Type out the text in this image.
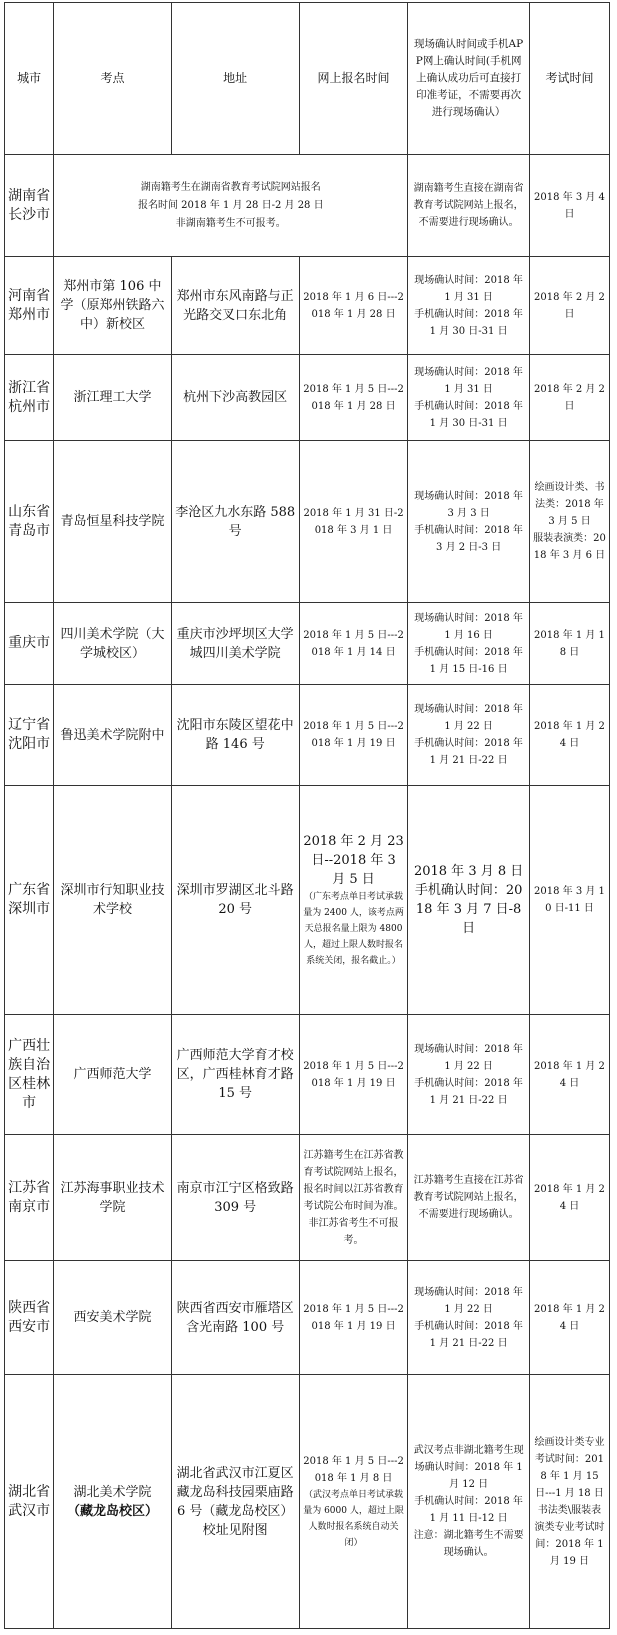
城市	考点	地址	网上报名时间	现场确认时间或手机APP网上确认时间(手机网上确认成功后可直接打印准考证，不需要再次进行现场确认）	考试时间
湖南省长沙市	湖南籍考生在湖南省教育考试院网站报名
报名时间 2018 年 1 月 28 日-2 月 28 日
非湖南籍考生不可报考。			湖南籍考生直接在湖南省教育考试院网站上报名，不需要进行现场确认。	2018 年 3 月 4 日
河南省郑州市	郑州市第 106 中学（原郑州铁路六中）新校区	郑州市东风南路与正光路交叉口东北角	2018 年 1 月 6 日---2018 年 1 月 28 日	现场确认时间：2018 年 1 月 31 日
手机确认时间：2018 年 1 月 30 日-31 日	2018 年 2 月 2 日
浙江省杭州市	浙江理工大学	杭州下沙高教园区	2018 年 1 月 5 日---2018 年 1 月 28 日	现场确认时间：2018 年 1 月 31 日
手机确认时间：2018 年 1 月 30 日-31 日	2018 年 2 月 2 日
山东省青岛市	青岛恒星科技学院	李沧区九水东路 588 号	2018 年 1 月 31 日-2018 年 3 月 1 日	现场确认时间：2018 年 3 月 3 日
手机确认时间：2018 年 3 月 2 日-3 日	绘画设计类、书法类：2018 年 3 月 5 日
服装表演类：2018 年 3 月 6 日
重庆市	四川美术学院（大学城校区）	重庆市沙坪坝区大学城四川美术学院	2018 年 1 月 5 日---2018 年 1 月 14 日	现场确认时间：2018 年 1 月 16 日
手机确认时间：2018 年 1 月 15 日-16 日	2018 年 1 月 18 日
辽宁省沈阳市	鲁迅美术学院附中	沈阳市东陵区望花中路 146 号	2018 年 1 月 5 日---2018 年 1 月 19 日	现场确认时间：2018 年 1 月 22 日
手机确认时间：2018 年 1 月 21 日-22 日	2018 年 1 月 24 日
广东省深圳市	深圳市行知职业技术学校	深圳市罗湖区北斗路 20 号	2018 年 2 月 23 日--2018 年 3 月 5 日
（广东考点单日考试承载量为 2400 人，该考点两天总报名量上限为 4800 人，超过上限人数时报名系统关闭，报名截止。）	2018 年 3 月 8 日
手机确认时间：2018 年 3 月 7 日-8 日	2018 年 3 月 10 日-11 日
广西壮族自治区桂林市	广西师范大学	广西师范大学育才校区，广西桂林育才路 15 号	2018 年 1 月 5 日---2018 年 1 月 19 日	现场确认时间：2018 年 1 月 22 日
手机确认时间：2018 年 1 月 21 日-22 日	2018 年 1 月 24 日
江苏省南京市	江苏海事职业技术学院	南京市江宁区格致路 309 号	江苏籍考生在江苏省教育考试院网站上报名，报名时间以江苏省教育考试院公布时间为准。非江苏省考生不可报考。	江苏籍考生直接在江苏省教育考试院网站上报名，不需要进行现场确认。	2018 年 1 月 24 日
陕西省西安市	西安美术学院	陕西省西安市雁塔区含光南路 100 号	2018 年 1 月 5 日---2018 年 1 月 19 日	现场确认时间：2018 年 1 月 22 日
手机确认时间：2018 年 1 月 21 日-22 日	2018 年 1 月 24 日
湖北省武汉市	湖北美术学院
（藏龙岛校区）	湖北省武汉市江夏区藏龙岛科技园栗庙路 6 号（藏龙岛校区）校址见附图	2018 年 1 月 5 日---2018 年 1 月 8 日
（武汉考点单日考试承载量为 6000 人，超过上限人数时报名系统自动关闭）	武汉考点非湖北籍考生现场确认时间：2018 年 1 月 12 日
手机确认时间：2018 年 1 月 11 日-12 日
注意：湖北籍考生不需要现场确认。	绘画设计类专业考试时间：2018 年 1 月 15 日---1 月 18 日
书法类\服装表演类专业考试时间：2018 年 1 月 19 日
